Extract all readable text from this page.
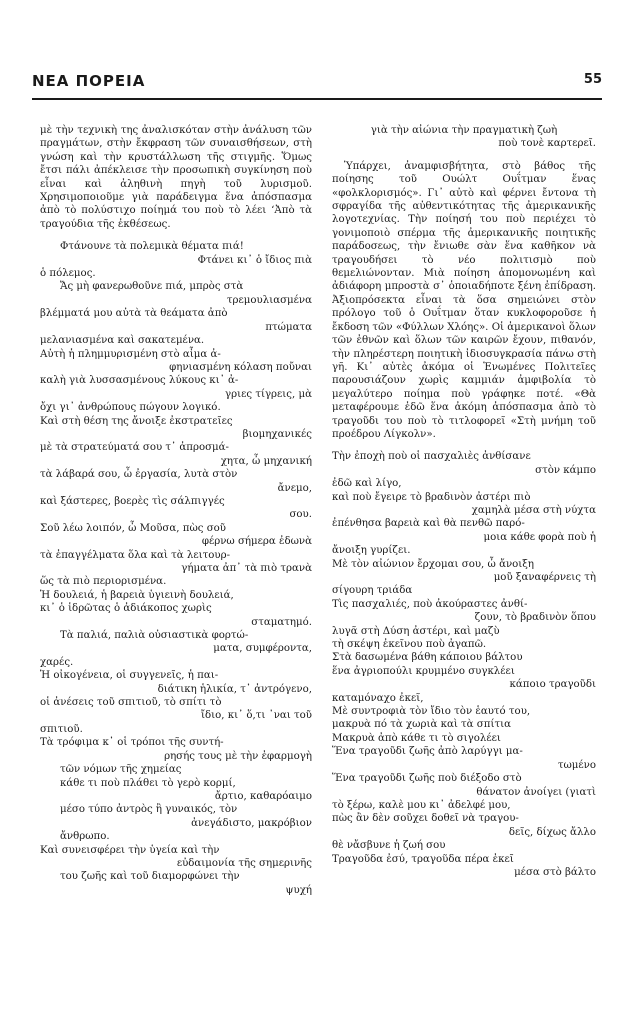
ΝΕΑ ΠΟΡΕΙΑ	55

μὲ τὴν τεχνικὴ της ἀναλισκόταν στὴν ἀνάλυση τῶν πραγμάτων, στὴν ἔκφραση τῶν συναισθήσεων, στὴ γνώση καὶ τὴν κρυστάλλωση τῆς στιγμῆς. Ὅμως ἔτσι πάλι ἀπέκλεισε τὴν προσωπικὴ συγκίνηση ποὺ εἶναι καὶ ἀληθινὴ πηγὴ τοῦ λυρισμοῦ. Χρησιμοποιοῦμε γιὰ παράδειγμα ἕνα ἀπόσπασμα ἀπὸ τὸ πολύστιχο ποίημά του ποὺ τὸ λέει ‘Ἀπὸ τὰ τραγούδια τῆς ἐκθέσεως.

Φτάνουνε τὰ πολεμικὰ θέματα πιά!
Φτάνει κι᾿ ὁ ἴδιος πιὰ
ὁ πόλεμος.
Ἄς μὴ φανερωθοῦνε πιά, μπρὸς στὰ
τρεμουλιασμένα
βλέμματά μου αὐτὰ τὰ θεάματα ἀπὸ
πτώματα
μελανιασμένα καὶ σακατεμένα.
Αὐτὴ ἡ πλημμυρισμένη στὸ αἷμα ἀ-
φηνιασμένη κόλαση ποὔναι
καλὴ γιὰ λυσσασμένους λύκους κι᾿ ἀ-
γριες τίγρεις, μὰ
ὄχι γι᾿ ἀνθρώπους πώγουν λογικό.
Καὶ στὴ θέση της ἄνοιξε ἐκστρατεῖες
βιομηχανικές
μὲ τὰ στρατεύματά σου τ᾿ ἀπροσμά-
χητα, ὦ μηχανική
τὰ λάβαρά σου, ὦ ἐργασία, λυτὰ στὸν
ἄνεμο,
καὶ ξάστερες, βοερὲς τὶς σάλπιγγές
σου.
Σοῦ λέω λοιπόν, ὦ Μοῦσα, πὼς σοῦ
φέρνω σήμερα ἐδωνὰ
τὰ ἐπαγγέλματα ὅλα καὶ τὰ λειτουρ-
γήματα ἀπ᾿ τὰ πιὸ τρανὰ
ὥς τὰ πιὸ περιορισμένα.
Ἡ δουλειά, ἡ βαρειὰ ὑγιεινὴ δουλειά,
κι᾿ ὁ ἱδρῶτας ὁ ἀδιάκοπος χωρὶς
σταματημό.
Τὰ παλιά, παλιὰ οὐσιαστικὰ φορτώ-
ματα, συμφέροντα,
χαρές.
Ἡ οἰκογένεια, οἱ συγγενεῖς, ἡ παι-
διάτικη ἡλικία, τ᾿ ἀντρόγενο,
οἱ ἀνέσεις τοῦ σπιτιοῦ, τὸ σπίτι τὸ
ἴδιο, κι᾿ ὅ,τι ᾿ναι τοῦ
σπιτιοῦ.
Τὰ τρόφιμα κ᾿ οἱ τρόποι τῆς συντή-
ρησής τους μὲ τὴν ἐφαρμογὴ
τῶν νόμων τῆς χημείας
κάθε τι ποὺ πλάθει τὸ γερὸ κορμί,
ἄρτιο, καθαρόαιμο
μέσο τύπο ἀντρὸς ἢ γυναικός, τὸν
ἀνεγάδιστο, μακρόβιον
ἄνθρωπο.
Καὶ συνεισφέρει τὴν ὑγεία καὶ τὴν
εὐδαιμονία τῆς σημερινῆς
του ζωῆς καὶ τοῦ διαμορφώνει τὴν
ψυχή
γιὰ τὴν αἰώνια τὴν πραγματικὴ ζωὴ
ποὺ τονὲ καρτερεῖ.

Ὑπάρχει, ἀναμφισβήτητα, στὸ βάθος τῆς ποίησης τοῦ Ουώλτ Ουΐτμαν ἕνας «φολκλορισμός». Γι᾿ αὐτὸ καὶ φέρνει ἔντονα τὴ σφραγίδα τῆς αὐθεντικότητας τῆς ἀμερικανικῆς λογοτεχνίας. Τὴν ποίησή του ποὺ περιέχει τὸ γονιμοποιὸ σπέρμα τῆς ἀμερικανικῆς ποιητικῆς παράδοσεως, τὴν ἔνιωθε σὰν ἕνα καθῆκον νὰ τραγουδήσει τὸ νέο πολιτισμὸ ποὺ θεμελιώνονταν. Μιὰ ποίηση ἀπομονωμένη καὶ ἀδιάφορη μπροστὰ σ᾿ ὁποιαδήποτε ξένη ἐπίδραση. Ἀξιοπρόσεκτα εἶναι τὰ ὅσα σημειώνει στὸν πρόλογο τοῦ ὁ Ουΐτμαν ὅταν κυκλοφοροῦσε ἡ ἔκδοση τῶν «Φύλλων Χλόης». Οἱ ἀμερικανοὶ ὅλων τῶν ἐθνῶν καὶ ὅλων τῶν καιρῶν ἔχουν, πιθανόν, τὴν πληρέστερη ποιητικὴ ἰδιοσυγκρασία πάνω στὴ γῆ. Κι᾿ αὐτὲς ἀκόμα οἱ Ἑνωμένες Πολιτεῖες παρουσιάζουν χωρὶς καμμιάν ἀμφιβολία τὸ μεγαλύτερο ποίημα ποὺ γράφηκε ποτέ. «Θὰ μεταφέρουμε ἐδῶ ἕνα ἀκόμη ἀπόσπασμα ἀπὸ τὸ τραγοῦδι του ποὺ τὸ τιτλοφορεῖ «Στὴ μνήμη τοῦ προέδρου Λίγκολν».

Τὴν ἐποχὴ ποὺ οἱ πασχαλιὲς ἀνθίσανε
στὸν κάμπο
ἐδῶ καὶ λίγο,
καὶ ποὺ ἔγειρε τὸ βραδινὸν ἀστέρι πιὸ
χαμηλὰ μέσα στὴ νύχτα
ἐπένθησα βαρειὰ καὶ θὰ πενθῶ παρό-
μοια κάθε φορὰ ποὺ ἡ
ἄνοιξη γυρίζει.
Μὲ τὸν αἰώνιον ἔρχομαι σου, ὦ ἄνοιξη
μοῦ ξαναφέρνεις τὴ
σίγουρη τριάδα
Τὶς πασχαλιές, ποὺ ἀκούραστες ἀνθί-
ζουν, τὸ βραδινὸν ὅπου
λυγᾶ στὴ Δύση ἀστέρι, καὶ μαζὺ
τὴ σκέψη ἐκεῖνου ποὺ ἀγαπῶ.
Στὰ δασωμένα βάθη κάποιου βάλτου
ἕνα ἀγριοπούλι κρυμμένο συγκλέει
κάποιο τραγοῦδι
καταμόναχο ἐκεῖ,
Μὲ συντροφιὰ τὸν ἴδιο τὸν ἑαυτό του,
μακρυὰ πό τὰ χωριὰ καὶ τὰ σπίτια
Μακρυὰ ἀπὸ κάθε τι τὸ σιγολέει
Ἕνα τραγοῦδι ζωῆς ἀπὸ λαρύγγι μα-
τωμένο
Ἕνα τραγοῦδι ζωῆς ποὺ διέξοδο στὸ
θάνατον ἀνοίγει (γιατὶ
τὸ ξέρω, καλὲ μου κι᾿ ἀδελφέ μου,
πὼς ἂν δὲν σοῦχει δοθεῖ νὰ τραγου-
δεῖς, δίχως ἄλλο
θὲ νἄσβυνε ἡ ζωή σου
Τραγοῦδα ἐσύ, τραγοῦδα πέρα ἐκεῖ
μέσα στὸ βάλτο
